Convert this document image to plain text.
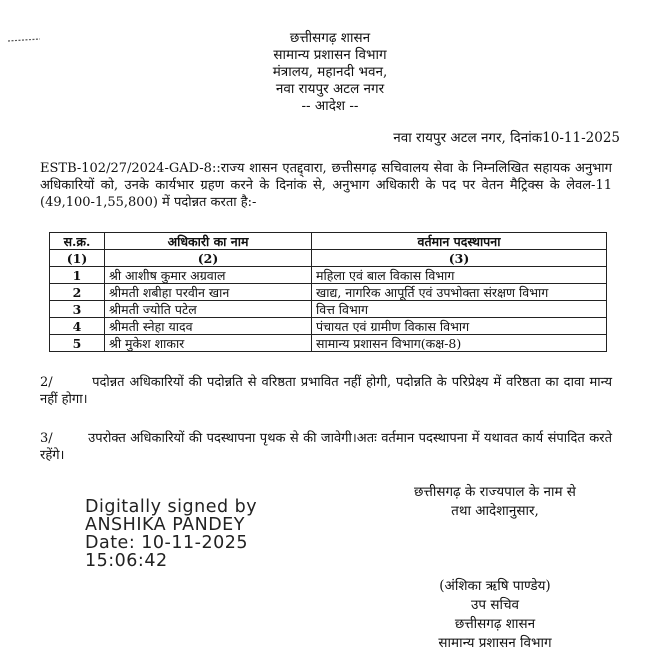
छत्तीसगढ़ शासन
सामान्य प्रशासन विभाग
मंत्रालय, महानदी भवन,
नवा रायपुर अटल नगर
-- आदेश --
नवा रायपुर अटल नगर, दिनांक10-11-2025
ESTB-102/27/2024-GAD-8::राज्य शासन एतद्द्वारा, छत्तीसगढ़ सचिवालय सेवा के निम्नलिखित सहायक अनुभाग अधिकारियों को, उनके कार्यभार ग्रहण करने के दिनांक से, अनुभाग अधिकारी के पद पर वेतन मैट्रिक्स के लेवल-11 (49,100-1,55,800) में पदोन्नत करता है:-
स.क्र.	अधिकारी का नाम	वर्तमान पदस्थापना
(1)	(2)	(3)
1	श्री आशीष कुमार अग्रवाल	महिला एवं बाल विकास विभाग
2	श्रीमती शबीहा परवीन खान	खाद्य, नागरिक आपूर्ति एवं उपभोक्ता संरक्षण विभाग
3	श्रीमती ज्योति पटेल	वित्त विभाग
4	श्रीमती स्नेहा यादव	पंचायत एवं ग्रामीण विकास विभाग
5	श्री मुकेश शाकार	सामान्य प्रशासन विभाग(कक्ष-8)
2/	पदोन्नत अधिकारियों की पदोन्नति से वरिष्ठता प्रभावित नहीं होगी, पदोन्नति के परिप्रेक्ष्य में वरिष्ठता का दावा मान्य नहीं होगा।
3/	उपरोक्त अधिकारियों की पदस्थापना पृथक से की जावेगी।अतः वर्तमान पदस्थापना में यथावत कार्य संपादित करते रहेंगे।
छत्तीसगढ़ के राज्यपाल के नाम से
तथा आदेशानुसार,
Digitally signed by
ANSHIKA PANDEY
Date: 10-11-2025
15:06:42
(अंशिका ऋषि पाण्डेय)
उप सचिव
छत्तीसगढ़ शासन
सामान्य प्रशासन विभाग
